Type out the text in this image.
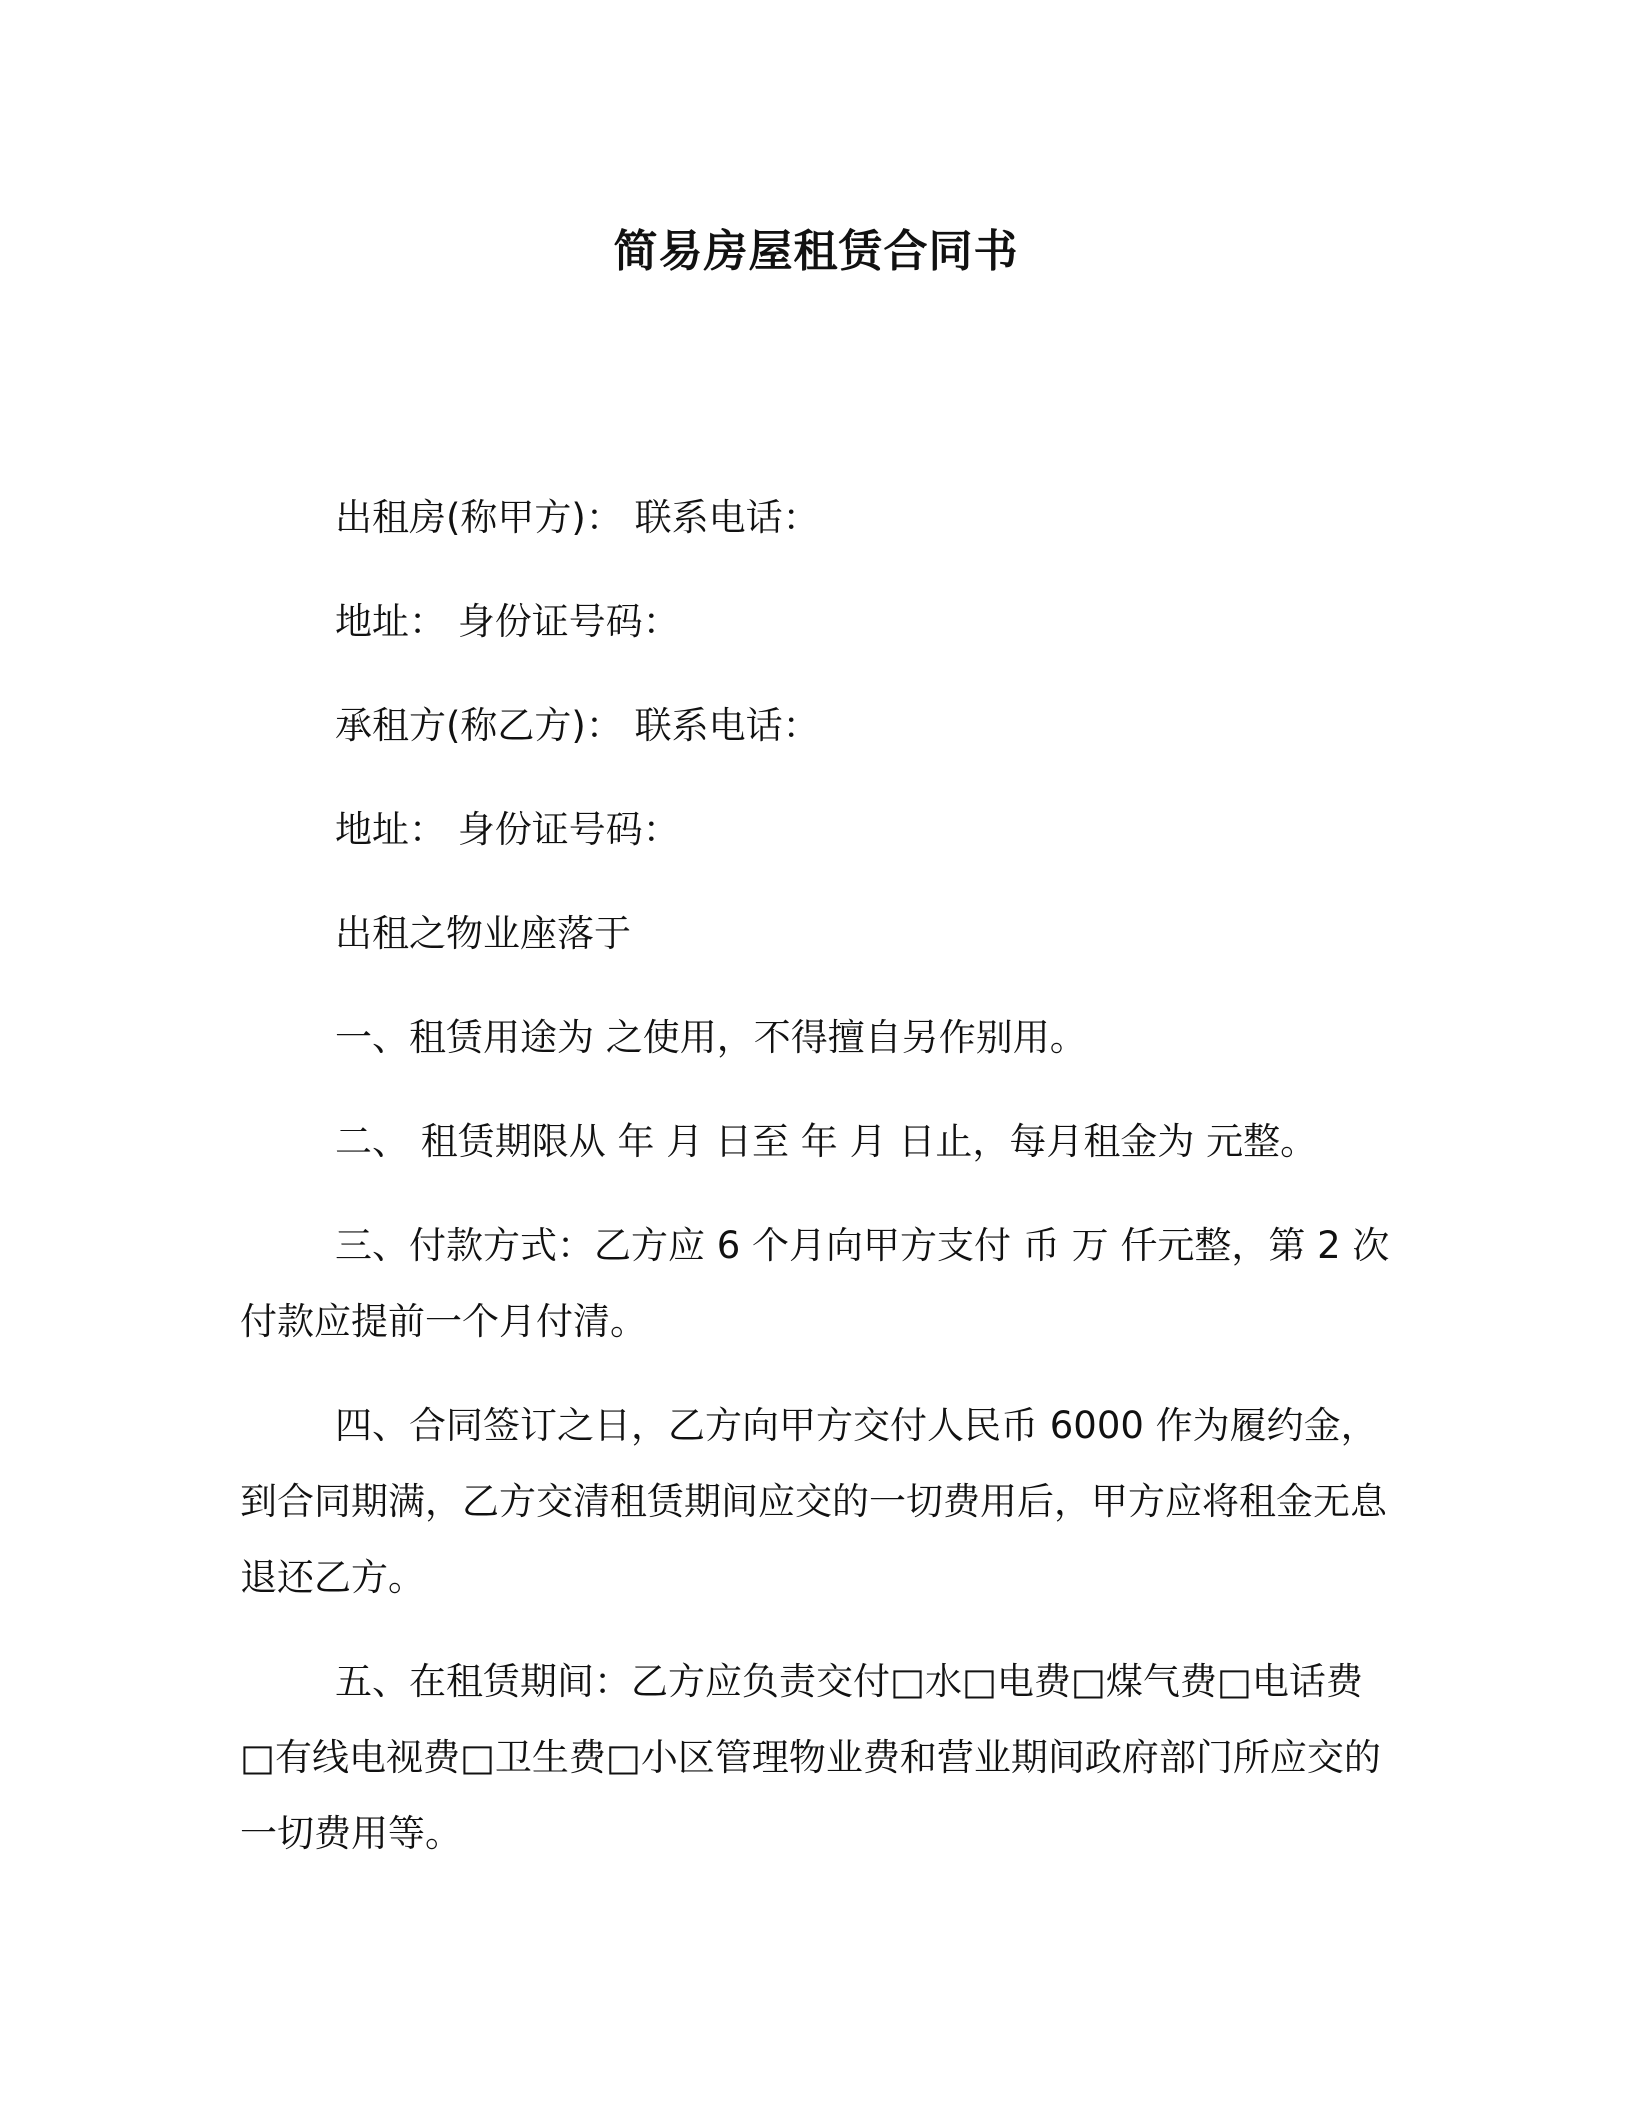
简易房屋租赁合同书
出租房(称甲方)： 联系电话：
地址： 身份证号码：
承租方(称乙方)： 联系电话：
地址： 身份证号码：
出租之物业座落于
一、租赁用途为 之使用，不得擅自另作别用。
二、 租赁期限从 年 月 日至 年 月 日止，每月租金为 元整。
三、付款方式：乙方应 6 个月向甲方支付 币 万 仟元整，第 2 次付款应提前一个月付清。
四、合同签订之日，乙方向甲方交付人民币 6000 作为履约金，到合同期满，乙方交清租赁期间应交的一切费用后，甲方应将租金无息退还乙方。
五、在租赁期间：乙方应负责交付□水□电费□煤气费□电话费□有线电视费□卫生费□小区管理物业费和营业期间政府部门所应交的一切费用等。
